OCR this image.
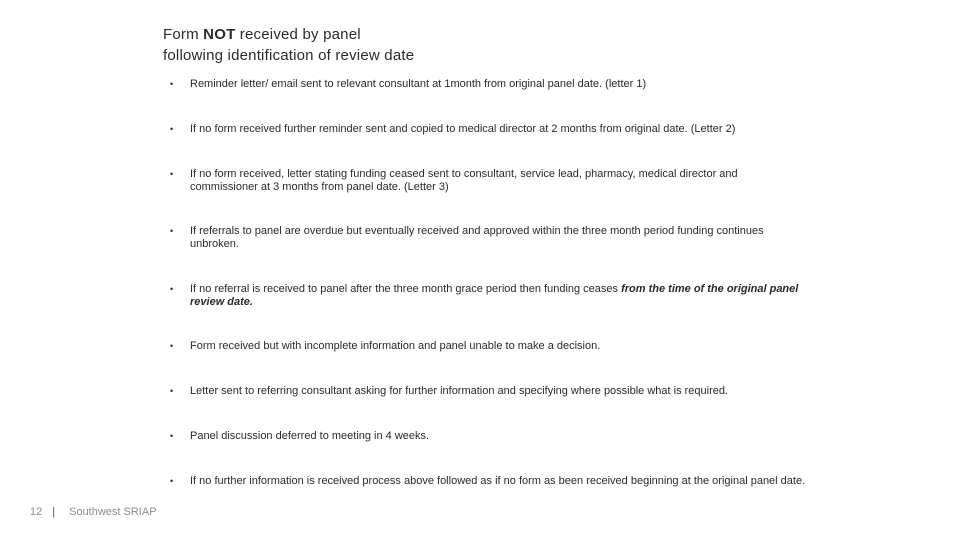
Form NOT received by panel
following identification of review date
•	Reminder letter/ email sent to relevant consultant at 1month from original panel date. (letter 1)
•	If no form received further reminder sent and copied to medical director at 2 months from original date. (Letter 2)
•	If no form received, letter stating funding ceased sent to consultant, service lead, pharmacy, medical director and commissioner at 3 months from panel date. (Letter 3)
•	If referrals to panel are overdue but eventually received and approved within the three month period funding continues unbroken.
•	If no referral is received to panel after the three month grace period then funding ceases from the time of the original panel review date.
•	Form received but with incomplete information and panel unable to make a decision.
•	Letter sent to referring consultant asking for further information and specifying where possible what is required.
•	Panel discussion deferred to meeting in 4 weeks.
•	If no further information is received process above followed as if no form as been received beginning at the original panel date.
12 | Southwest SRIAP
